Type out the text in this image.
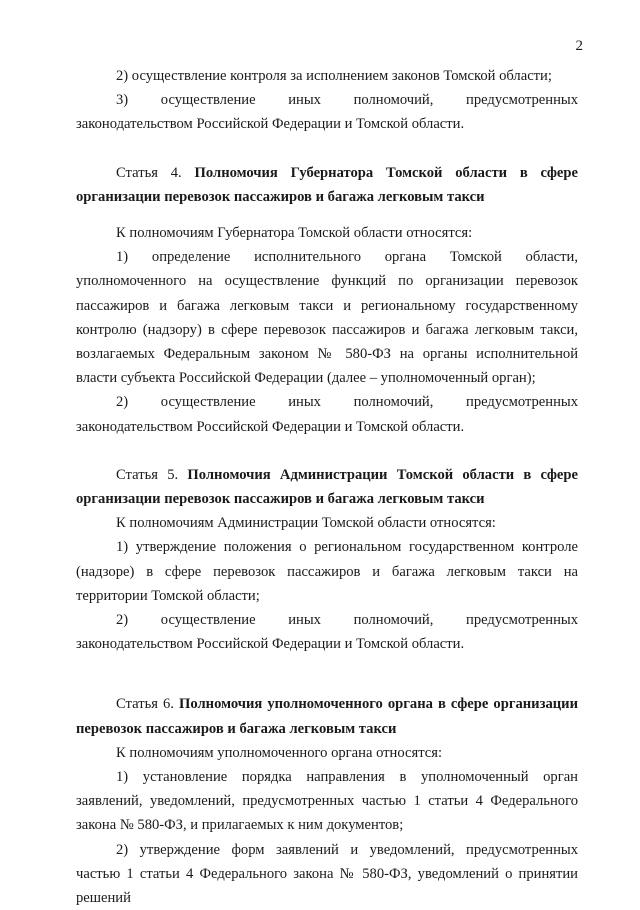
2

2) осуществление контроля за исполнением законов Томской области;

3) осуществление иных полномочий, предусмотренных законодательством Российской Федерации и Томской области.

Статья 4. Полномочия Губернатора Томской области в сфере организации перевозок пассажиров и багажа легковым такси

К полномочиям Губернатора Томской области относятся:

1) определение исполнительного органа Томской области, уполномоченного на осуществление функций по организации перевозок пассажиров и багажа легковым такси и региональному государственному контролю (надзору) в сфере перевозок пассажиров и багажа легковым такси, возлагаемых Федеральным законом № 580-ФЗ на органы исполнительной власти субъекта Российской Федерации (далее – уполномоченный орган);

2) осуществление иных полномочий, предусмотренных законодательством Российской Федерации и Томской области.

Статья 5. Полномочия Администрации Томской области в сфере организации перевозок пассажиров и багажа легковым такси

К полномочиям Администрации Томской области относятся:

1) утверждение положения о региональном государственном контроле (надзоре) в сфере перевозок пассажиров и багажа легковым такси на территории Томской области;

2) осуществление иных полномочий, предусмотренных законодательством Российской Федерации и Томской области.

Статья 6. Полномочия уполномоченного органа в сфере организации перевозок пассажиров и багажа легковым такси

К полномочиям уполномоченного органа относятся:

1) установление порядка направления в уполномоченный орган заявлений, уведомлений, предусмотренных частью 1 статьи 4 Федерального закона № 580-ФЗ, и прилагаемых к ним документов;

2) утверждение форм заявлений и уведомлений, предусмотренных частью 1 статьи 4 Федерального закона № 580-ФЗ, уведомлений о принятии решений
